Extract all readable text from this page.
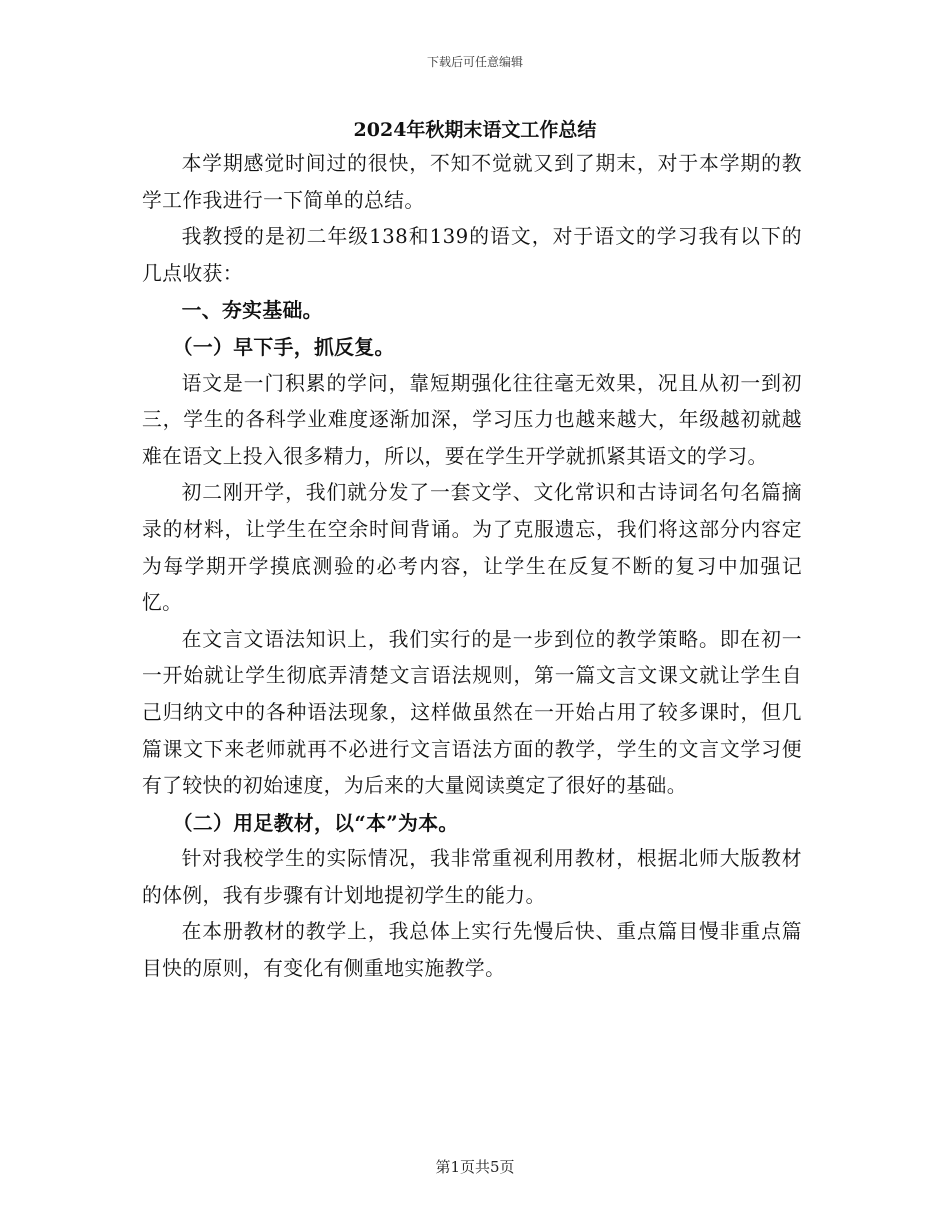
下载后可任意编辑
2024年秋期末语文工作总结

本学期感觉时间过的很快，不知不觉就又到了期末，对于本学期的教学工作我进行一下简单的总结。

我教授的是初二年级138和139的语文，对于语文的学习我有以下的几点收获：

一、夯实基础。

（一）早下手，抓反复。

语文是一门积累的学问，靠短期强化往往毫无效果，况且从初一到初三，学生的各科学业难度逐渐加深，学习压力也越来越大，年级越初就越难在语文上投入很多精力，所以，要在学生开学就抓紧其语文的学习。

初二刚开学，我们就分发了一套文学、文化常识和古诗词名句名篇摘录的材料，让学生在空余时间背诵。为了克服遗忘，我们将这部分内容定为每学期开学摸底测验的必考内容，让学生在反复不断的复习中加强记忆。

在文言文语法知识上，我们实行的是一步到位的教学策略。即在初一一开始就让学生彻底弄清楚文言语法规则，第一篇文言文课文就让学生自己归纳文中的各种语法现象，这样做虽然在一开始占用了较多课时，但几篇课文下来老师就再不必进行文言语法方面的教学，学生的文言文学习便有了较快的初始速度，为后来的大量阅读奠定了很好的基础。

（二）用足教材，以“本”为本。

针对我校学生的实际情况，我非常重视利用教材，根据北师大版教材的体例，我有步骤有计划地提初学生的能力。

在本册教材的教学上，我总体上实行先慢后快、重点篇目慢非重点篇目快的原则，有变化有侧重地实施教学。

第1页共5页
